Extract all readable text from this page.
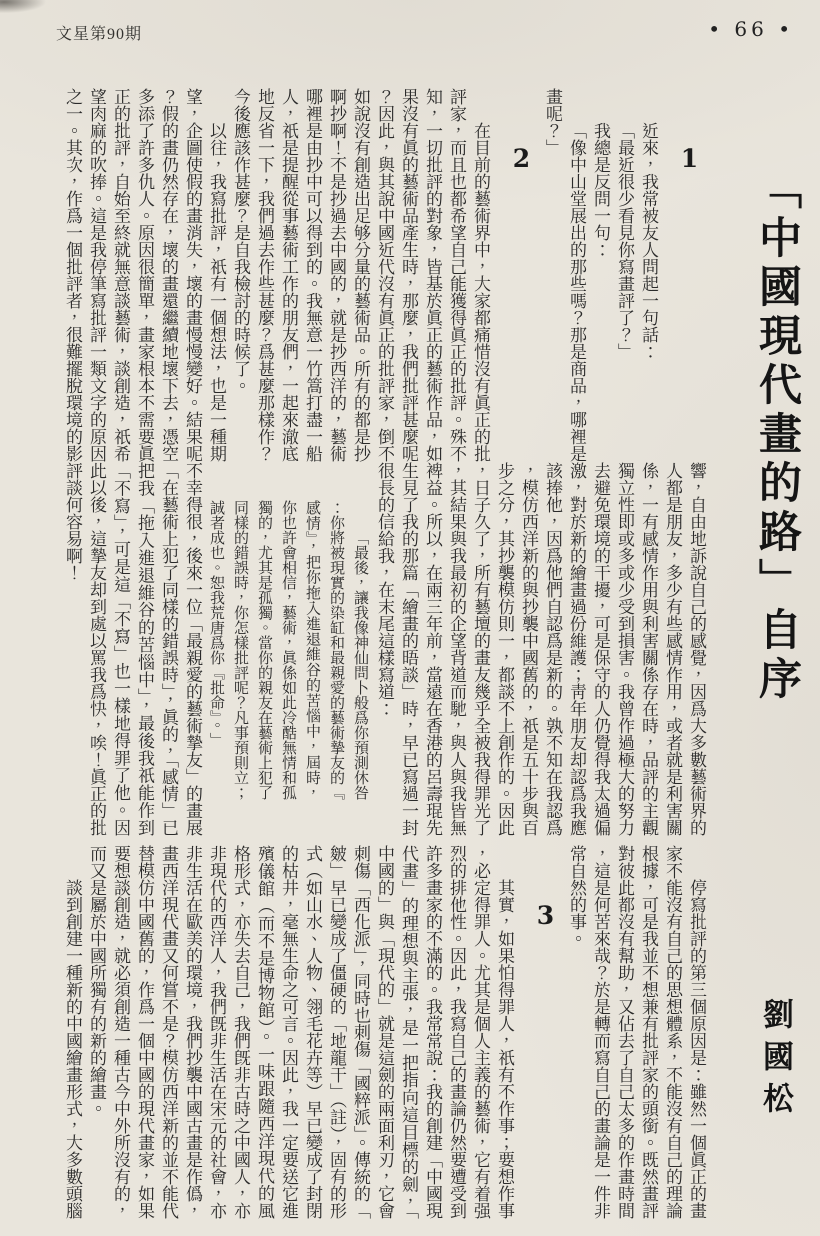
文星第90期	• 66 •
「中國現代畫的路」自序
劉國松
1

近來，我常被友人問起一句話：

「最近很少看見你寫畫評了？」

我總是反問一句：

「像中山堂展出的那些嗎？那是商品，哪裡是畫呢？」

2

在目前的藝術界中，大家都痛惜沒有眞正的批評家，而且也都希望自己能獲得眞正的批評。殊不知，一切批評的對象，皆基於眞正的藝術作品，如果沒有眞的藝術品產生時，那麼，我們批評甚麼呢？因此，與其說中國近代沒有眞正的批評家，倒不如說沒有創造出足够分量的藝術品。所有的都是抄啊抄啊！不是抄過去中國的，就是抄西洋的，藝術哪裡是由抄中可以得到的。我無意一竹篙打盡一船人，祇是提醒從事藝術工作的朋友們，一起來澈底地反省一下，我們過去作些甚麼？爲甚麼那樣作？今後應該作甚麼？是自我檢討的時候了。

以往，我寫批評，祇有一個想法，也是一種期望，企圖使假的畫消失，壞的畫慢慢變好。結果呢？假的畫仍然存在，壞的畫還繼續地壞下去，憑空多添了許多仇人。原因很簡單，畫家根本不需要眞正的批評，自始至終就無意談藝術，談創造，祇希望肉麻的吹捧。這是我停筆寫批評一類文字的原因之一。其次，作爲一個批評者，很難擺脫環境的影

響，自由地訴說自己的感覺，因爲大多數藝術界的人都是朋友，多少有些感情作用，或者就是利害關係，一有感情作用與利害關係存在時，品評的主觀獨立性即或多或少受到損害。我曾作過極大的努力去避免環境的干擾，可是保守的人仍覺得我太過偏激，對於新的繪畫過份維護；靑年朋友却認爲我應該捧他，因爲他們自認爲是新的。孰不知在我認爲，模仿西洋新的與抄襲中國舊的，祇是五十步與百步之分，其抄襲模仿則一，都談不上創作的。因此，日子久了，所有藝壇的畫友幾乎全被我得罪光了，其結果與我最初的企望背道而馳，與人與我皆無裨益。所以，在兩三年前，當遠在香港的呂壽琨先生見了我的那篇「繪畫的晤談」時，早已寫過一封很長的信給我，在末尾這樣寫道：

「最後，讓我像神仙問卜般爲你預測休咎：你將被現實的染缸和最親愛的藝術摯友的『感情』，把你拖入進退維谷的苦惱中，屆時，你也許會相信，藝術，眞係如此冷酷無情和孤獨的，尤其是孤獨。當你的親友在藝術上犯了同樣的錯誤時，你怎樣批評呢？凡事預則立；誠者成也。恕我荒唐爲你『批命』。」

不幸得很，後來一位「最親愛的藝術摯友」的畫展「在藝術上犯了同樣的錯誤時」，眞的，「感情」已把我「拖入進退維谷的苦惱中」，最後我祇能作到「不寫」，可是這「不寫」也一樣地得罪了他。因此以後，這摯友却到處以罵我爲快，唉！眞正的批評談何容易啊！

停寫批評的第三個原因是：雖然一個眞正的畫家不能沒有自己的思想體系，不能沒有自己的理論根據，可是我並不想兼有批評家的頭銜。既然畫評對彼此都沒有幫助，又佔去了自己太多的作畫時間，這是何苦來哉？於是轉而寫自己的畫論是一件非常自然的事。

3

其實，如果怕得罪人，祇有不作事；要想作事，必定得罪人。尤其是個人主義的藝術，它有着强烈的排他性。因此，我寫自己的畫論仍然要遭受到許多畫家的不滿的。我常常說：我的創建「中國現代畫」的理想與主張，是一把指向這目標的劍，「中國的」與「現代的」就是這劍的兩面利刃，它會刺傷「西化派」，同時也刺傷「國粹派」。傳統的「皴」早已變成了僵硬的「地龍干」（註），固有的形式（如山水、人物、翎毛花卉等）早已變成了封閉的枯井，毫無生命之可言。因此，我一定要送它進殯儀館（而不是博物館）。一味跟隨西洋現代的風格形式，亦失去自己，我們旣非古時之中國人，亦非現代的西洋人，我們旣非生活在宋元的社會，亦非生活在歐美的環境，我們抄襲中國古畫是作僞，畫西洋現代畫又何嘗不是？模仿西洋新的並不能代替模仿中國舊的，作爲一個中國的現代畫家，如果要想談創造，就必須創造一種古今中外所沒有的，而又是屬於中國所獨有的新的繪畫。

談到創建一種新的中國繪畫形式，大多數頭腦
